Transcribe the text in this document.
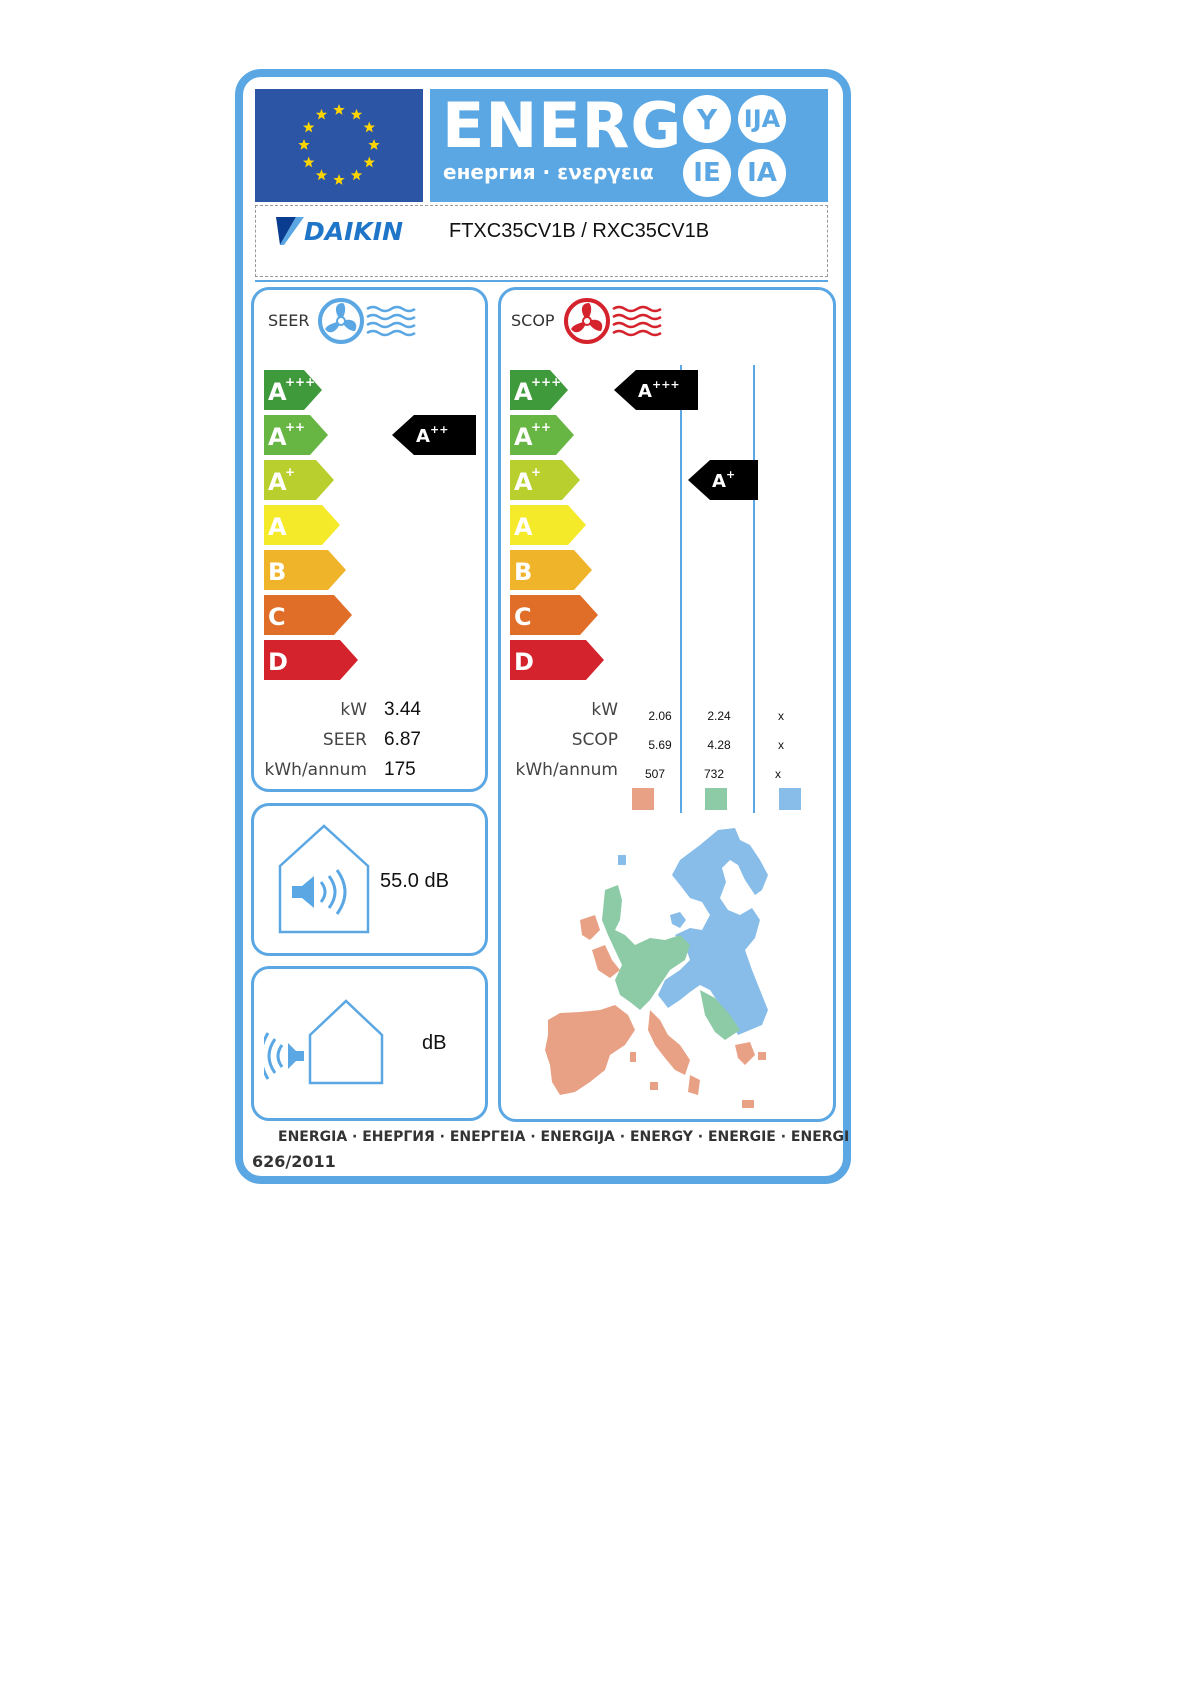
ENERG
енергия · ενεργεια
Y	IJA
IE	IA
DAIKIN FTXC35CV1B / RXC35CV1B
SEER
A
+++
A
++
A
+
A
B
C
D
A ++
kW 3.44
SEER 6.87
kWh/annum 175
SCOP
A
+++
A
++
A
+
A
B
C
D
A +++
A +
kW
SCOP
kWh/annum
2.06
5.69
507
2.24
4.28
732
x
x
x
55.0 dB
dB
ENERGIA · ЕНЕРГИЯ · ΕΝΕΡΓΕΙΑ · ENERGIJA · ENERGY · ENERGIE · ENERGI
626/2011
